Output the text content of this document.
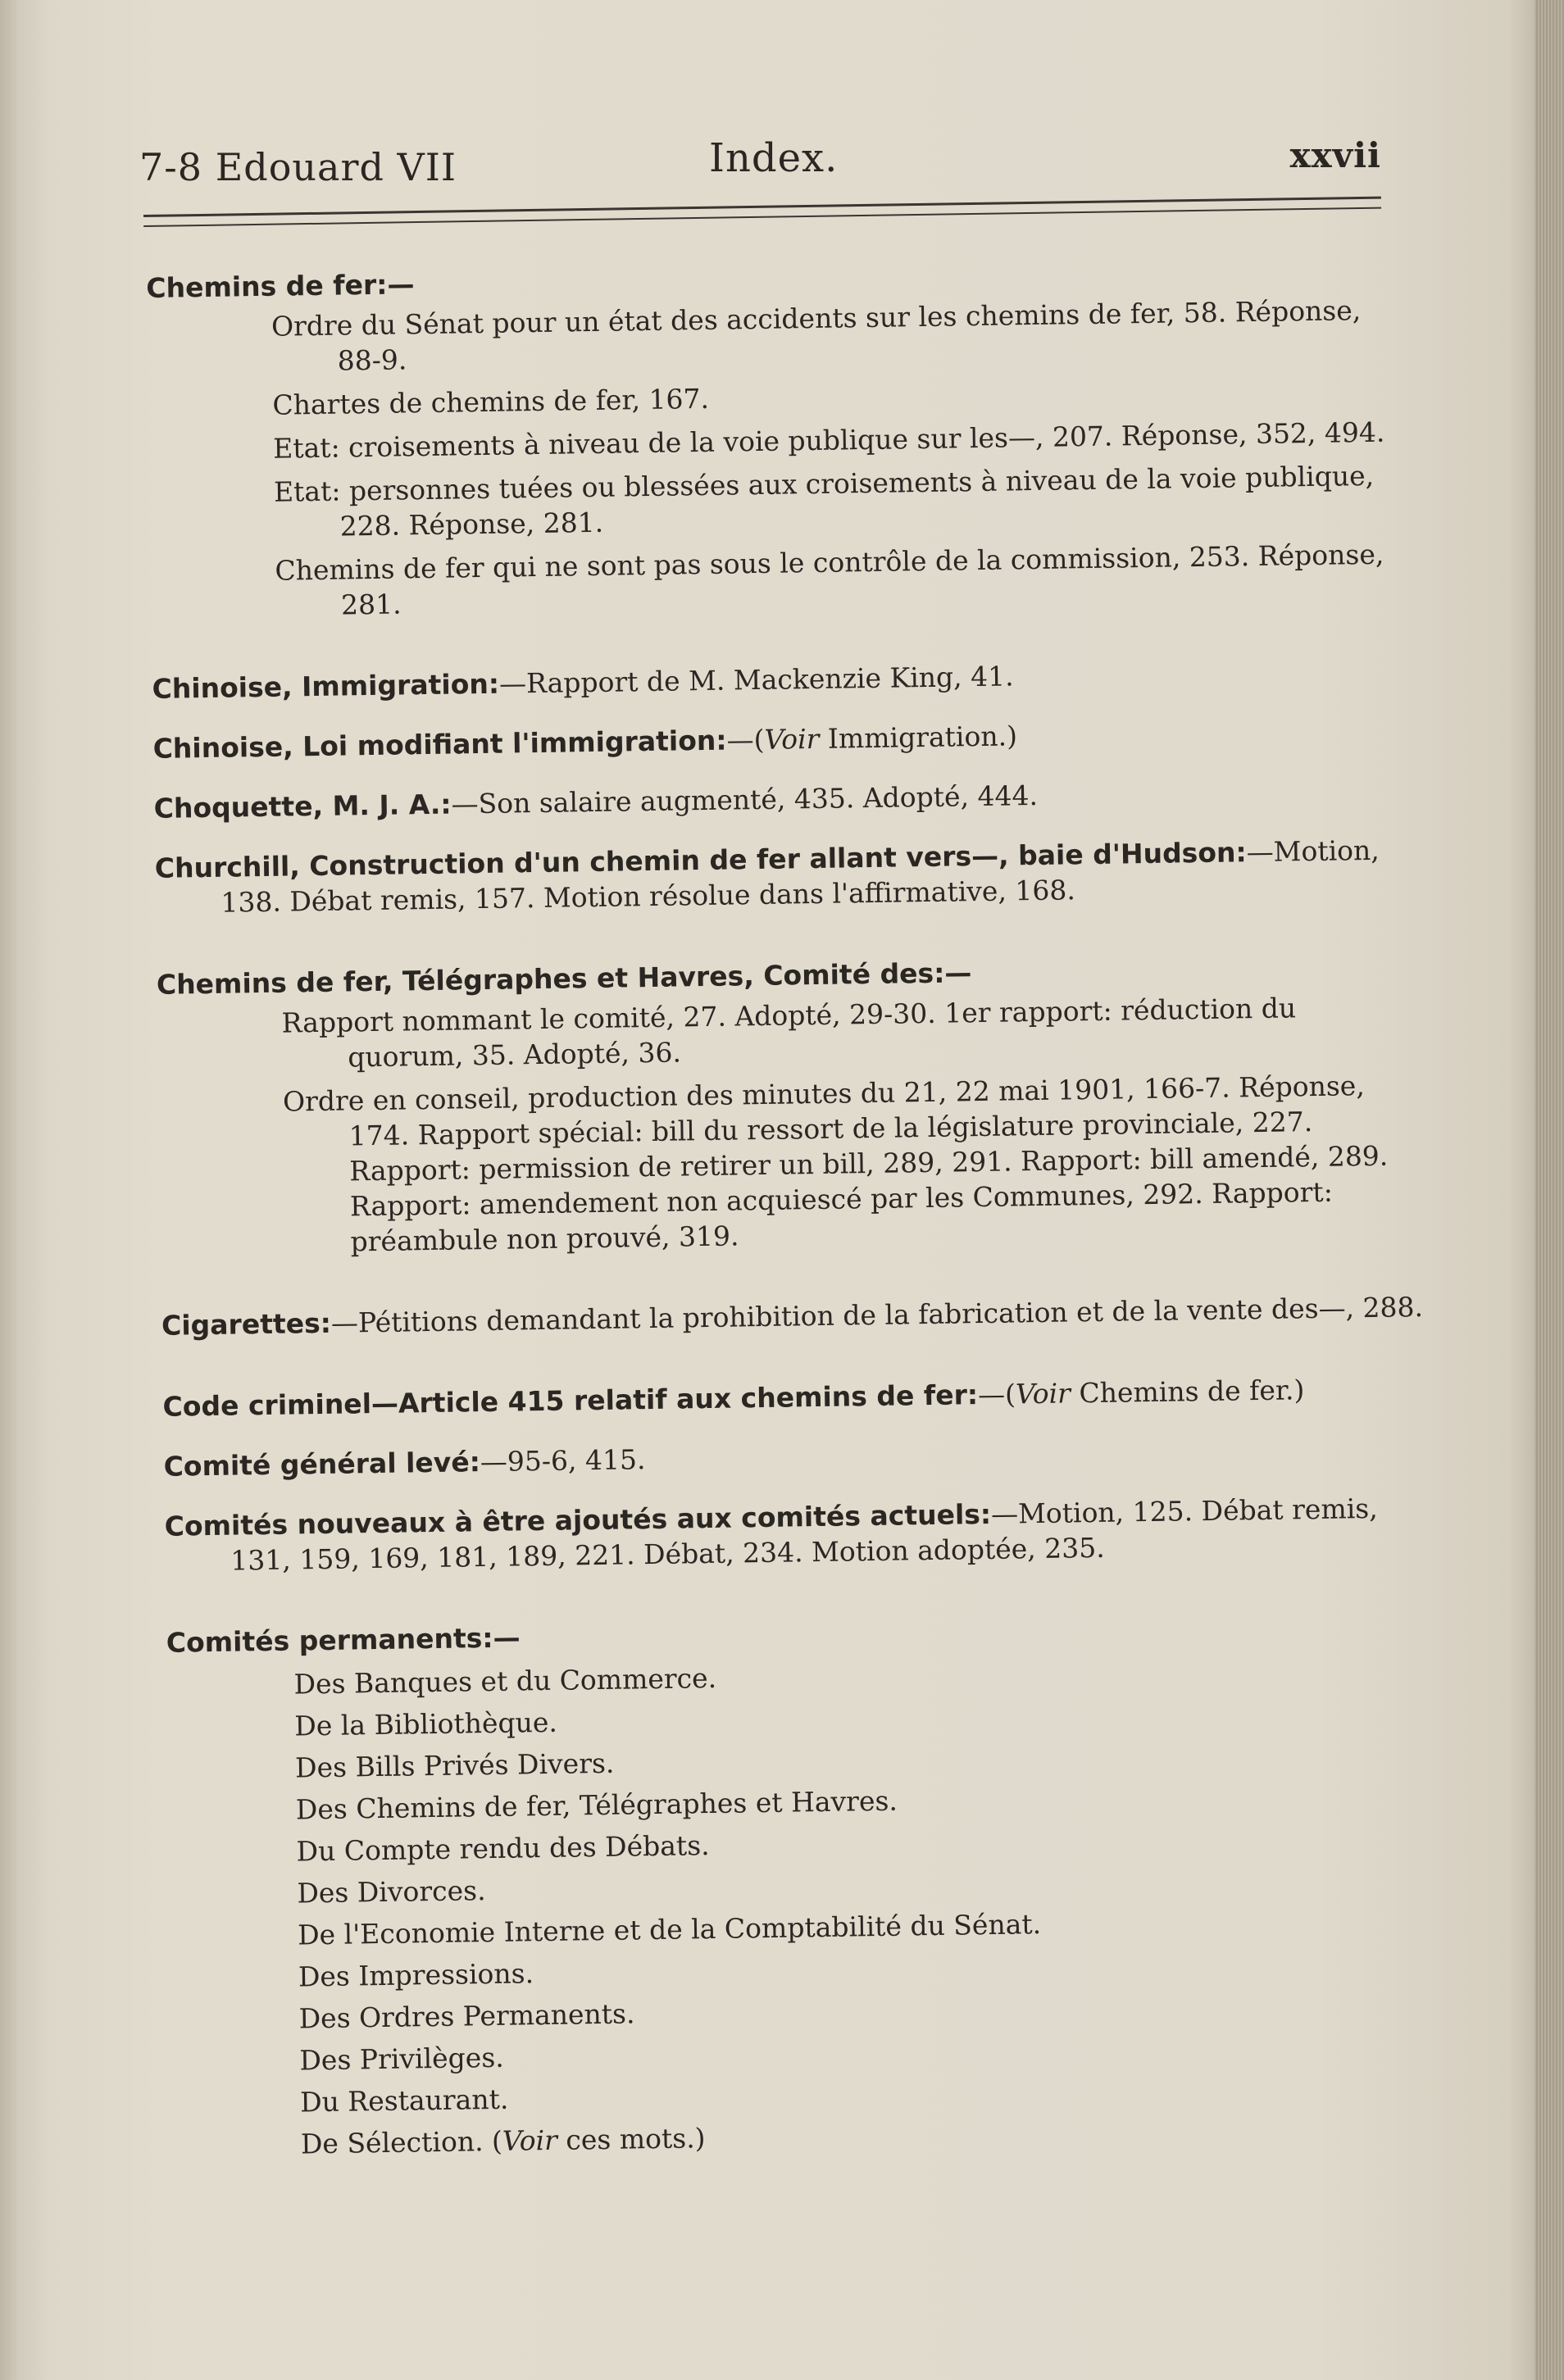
7-8 Edouard VII	Index.	xxvii
Chemins de fer:—
Ordre du Sénat pour un état des accidents sur les chemins de fer, 58. Réponse, 88-9.
Chartes de chemins de fer, 167.
Etat: croisements à niveau de la voie publique sur les—, 207. Réponse, 352, 494.
Etat: personnes tuées ou blessées aux croisements à niveau de la voie publique, 228. Réponse, 281.
Chemins de fer qui ne sont pas sous le contrôle de la commission, 253. Réponse, 281.
Chinoise, Immigration:—Rapport de M. Mackenzie King, 41.
Chinoise, Loi modifiant l'immigration:—(Voir Immigration.)
Choquette, M. J. A.:—Son salaire augmenté, 435. Adopté, 444.
Churchill, Construction d'un chemin de fer allant vers—, baie d'Hudson:—Motion, 138. Débat remis, 157. Motion résolue dans l'affirmative, 168.
Chemins de fer, Télégraphes et Havres, Comité des:—
Rapport nommant le comité, 27. Adopté, 29-30. 1er rapport: réduction du quorum, 35. Adopté, 36.
Ordre en conseil, production des minutes du 21, 22 mai 1901, 166-7. Réponse, 174. Rapport spécial: bill du ressort de la législature provinciale, 227. Rapport: permission de retirer un bill, 289, 291. Rapport: bill amendé, 289. Rapport: amendement non acquiescé par les Communes, 292. Rapport: préambule non prouvé, 319.
Cigarettes:—Pétitions demandant la prohibition de la fabrication et de la vente des—, 288.
Code criminel—Article 415 relatif aux chemins de fer:—(Voir Chemins de fer.)
Comité général levé:—95-6, 415.
Comités nouveaux à être ajoutés aux comités actuels:—Motion, 125. Débat remis, 131, 159, 169, 181, 189, 221. Débat, 234. Motion adoptée, 235.
Comités permanents:—
Des Banques et du Commerce.
De la Bibliothèque.
Des Bills Privés Divers.
Des Chemins de fer, Télégraphes et Havres.
Du Compte rendu des Débats.
Des Divorces.
De l'Economie Interne et de la Comptabilité du Sénat.
Des Impressions.
Des Ordres Permanents.
Des Privilèges.
Du Restaurant.
De Sélection. (Voir ces mots.)
